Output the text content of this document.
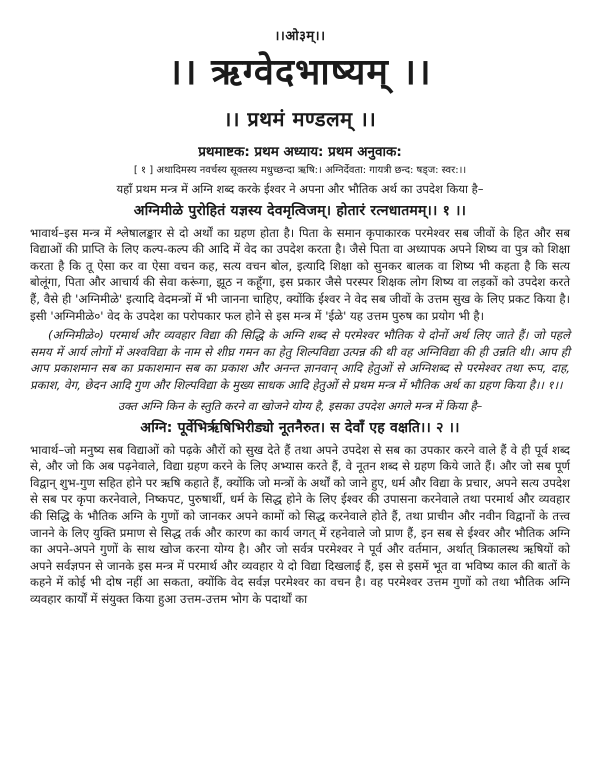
।।ओ३म्।।
।। ऋग्वेदभाष्यम् ।।
।। प्रथमं मण्डलम् ।।
प्रथमाष्टक: प्रथम अध्याय: प्रथम अनुवाक:
[ १ ] अथादिमस्य नवर्चस्य सूक्तस्य मधुच्छन्दा ऋषि:। अग्निर्देवता: गायत्री छन्द: षड्ज: स्वर:।।
यहाँ प्रथम मन्त्र में अग्नि शब्द करके ईश्वर ने अपना और भौतिक अर्थ का उपदेश किया है–
अग्निमीळे पुरोहितं यज्ञस्य देवमृत्विजम्। होतारं रत्नधातमम्।। १ ।।

भावार्थ–इस मन्त्र में श्लेषालङ्कार से दो अर्थों का ग्रहण होता है। पिता के समान कृपाकारक परमेश्वर सब जीवों के हित और सब विद्याओं की प्राप्ति के लिए कल्प-कल्प की आदि में वेद का उपदेश करता है। जैसे पिता वा अध्यापक अपने शिष्य वा पुत्र को शिक्षा करता है कि तू ऐसा कर वा ऐसा वचन कह, सत्य वचन बोल, इत्यादि शिक्षा को सुनकर बालक वा शिष्य भी कहता है कि सत्य बोलूंगा, पिता और आचार्य की सेवा करूंगा, झूठ न कहूँगा, इस प्रकार जैसे परस्पर शिक्षक लोग शिष्य वा लड़कों को उपदेश करते हैं, वैसे ही 'अग्निमीळे' इत्यादि वेदमन्त्रों में भी जानना चाहिए, क्योंकि ईश्वर ने वेद सब जीवों के उत्तम सुख के लिए प्रकट किया है। इसी 'अग्निमीळे०' वेद के उपदेश का परोपकार फल होने से इस मन्त्र में 'ईळे' यह उत्तम पुरुष का प्रयोग भी है।

(अग्निमीळे०) परमार्थ और व्यवहार विद्या की सिद्धि के अग्नि शब्द से परमेश्वर भौतिक ये दोनों अर्थ लिए जाते हैं। जो पहले समय में आर्य लोगों में अश्वविद्या के नाम से शीघ्र गमन का हेतु शिल्पविद्या उत्पन्न की थी वह अग्निविद्या की ही उन्नति थी। आप ही आप प्रकाशमान सब का प्रकाशमान सब का प्रकाश और अनन्त ज्ञानवान् आदि हेतुओं से अग्निशब्द से परमेश्वर तथा रूप, दाह, प्रकाश, वेग, छेदन आदि गुण और शिल्पविद्या के मुख्य साधक आदि हेतुओं से प्रथम मन्त्र में भौतिक अर्थ का ग्रहण किया है।। १।।

उक्त अग्नि किन के स्तुति करने वा खोजने योग्य है, इसका उपदेश अगले मन्त्र में किया है–
अग्नि: पूर्वेभिर्ऋषिभिरीड्यो नूतनैरुत। स देवाँ एह वक्षति।। २ ।।

भावार्थ–जो मनुष्य सब विद्याओं को पढ़के औरों को सुख देते हैं तथा अपने उपदेश से सब का उपकार करने वाले हैं वे ही पूर्व शब्द से, और जो कि अब पढ़नेवाले, विद्या ग्रहण करने के लिए अभ्यास करते हैं, वे नूतन शब्द से ग्रहण किये जाते हैं। और जो सब पूर्ण विद्वान् शुभ-गुण सहित होने पर ऋषि कहाते हैं, क्योंकि जो मन्त्रों के अर्थों को जाने हुए, धर्म और विद्या के प्रचार, अपने सत्य उपदेश से सब पर कृपा करनेवाले, निष्कपट, पुरुषार्थी, धर्म के सिद्ध होने के लिए ईश्वर की उपासना करनेवाले तथा परमार्थ और व्यवहार की सिद्धि के भौतिक अग्नि के गुणों को जानकर अपने कामों को सिद्ध करनेवाले होते हैं, तथा प्राचीन और नवीन विद्वानों के तत्त्व जानने के लिए युक्ति प्रमाण से सिद्ध तर्क और कारण का कार्य जगत् में रहनेवाले जो प्राण हैं, इन सब से ईश्वर और भौतिक अग्नि का अपने-अपने गुणों के साथ खोज करना योग्य है। और जो सर्वत्र परमेश्वर ने पूर्व और वर्तमान, अर्थात् त्रिकालस्थ ऋषियों को अपने सर्वज्ञपन से जानके इस मन्त्र में परमार्थ और व्यवहार ये दो विद्या दिखलाई हैं, इस से इसमें भूत वा भविष्य काल की बातों के कहने में कोई भी दोष नहीं आ सकता, क्योंकि वेद सर्वज्ञ परमेश्वर का वचन है। वह परमेश्वर उत्तम गुणों को तथा भौतिक अग्नि व्यवहार कार्यों में संयुक्त किया हुआ उत्तम-उत्तम भोग के पदार्थों का
